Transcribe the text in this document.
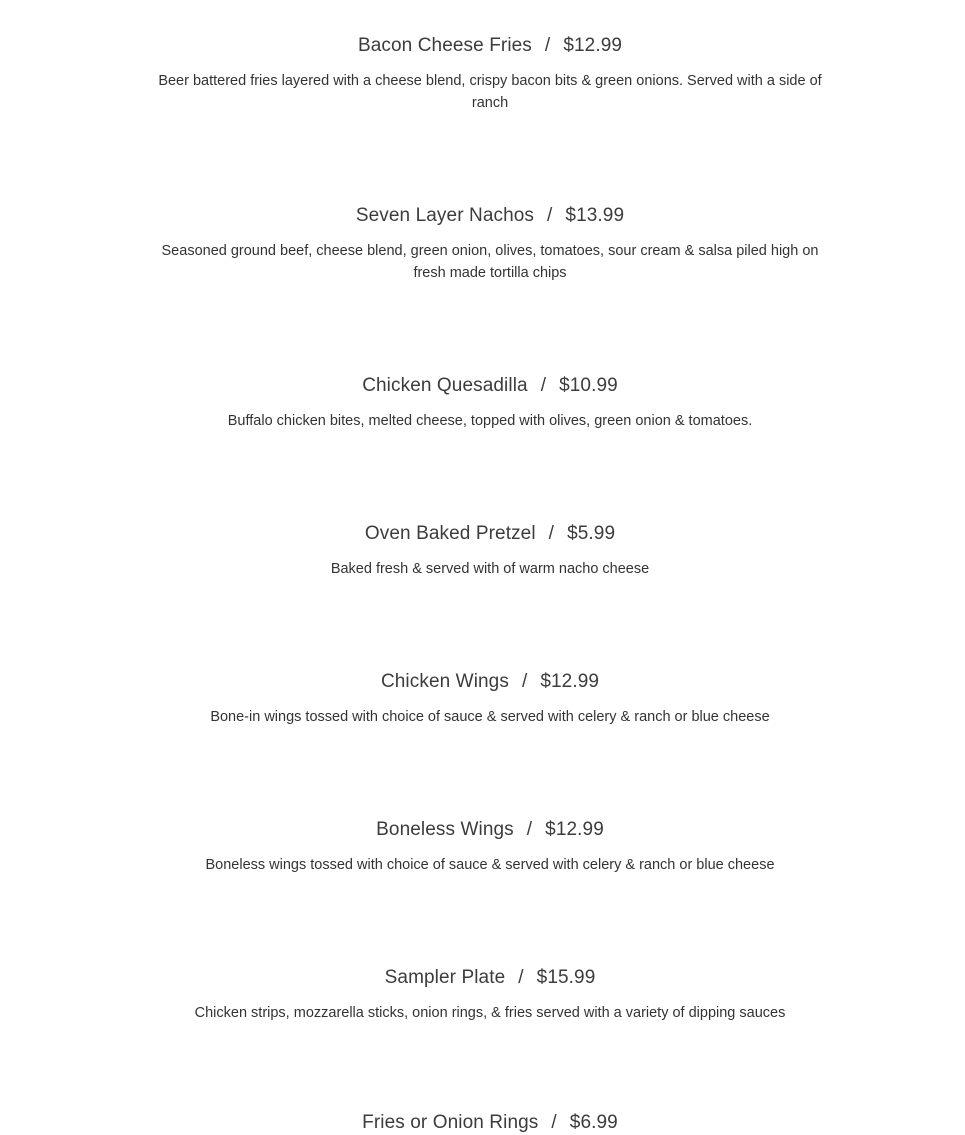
Bacon Cheese Fries / $12.99
Beer battered fries layered with a cheese blend, crispy bacon bits & green onions. Served with a side of ranch
Seven Layer Nachos / $13.99
Seasoned ground beef, cheese blend, green onion, olives, tomatoes, sour cream & salsa piled high on fresh made tortilla chips
Chicken Quesadilla / $10.99
Buffalo chicken bites, melted cheese, topped with olives, green onion & tomatoes.
Oven Baked Pretzel / $5.99
Baked fresh & served with of warm nacho cheese
Chicken Wings / $12.99
Bone-in wings tossed with choice of sauce & served with celery & ranch or blue cheese
Boneless Wings / $12.99
Boneless wings tossed with choice of sauce & served with celery & ranch or blue cheese
Sampler Plate / $15.99
Chicken strips, mozzarella sticks, onion rings, & fries served with a variety of dipping sauces
Fries or Onion Rings / $6.99
